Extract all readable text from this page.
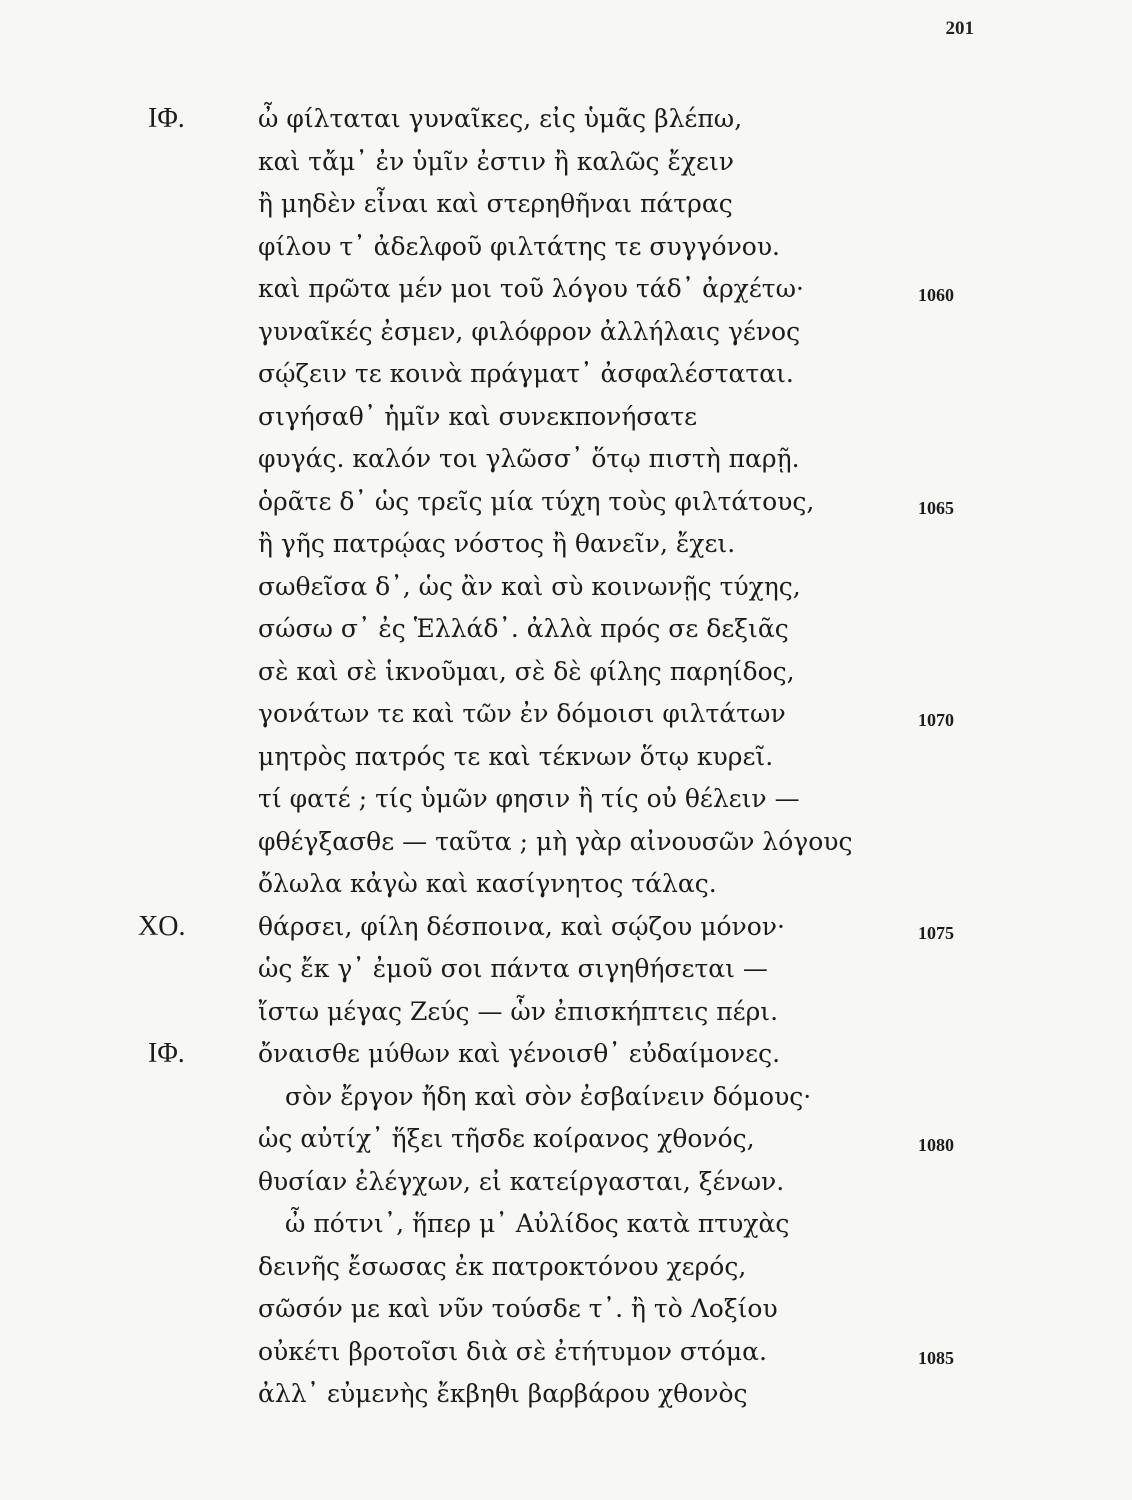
201
ΙΦ.	ὦ φίλταται γυναῖκες, εἰς ὑμᾶς βλέπω,
καὶ τἄμ᾽ ἐν ὑμῖν ἐστιν ἢ καλῶς ἔχειν
ἢ μηδὲν εἶναι καὶ στερηθῆναι πάτρας
φίλου τ᾽ ἀδελφοῦ φιλτάτης τε συγγόνου.
καὶ πρῶτα μέν μοι τοῦ λόγου τάδ᾽ ἀρχέτω·	1060
γυναῖκές ἐσμεν, φιλόφρον ἀλλήλαις γένος
σῴζειν τε κοινὰ πράγματ᾽ ἀσφαλέσταται.
σιγήσαθ᾽ ἡμῖν καὶ συνεκπονήσατε
φυγάς. καλόν τοι γλῶσσ᾽ ὅτῳ πιστὴ παρῇ.
ὁρᾶτε δ᾽ ὡς τρεῖς μία τύχη τοὺς φιλτάτους,	1065
ἢ γῆς πατρῴας νόστος ἢ θανεῖν, ἔχει.
σωθεῖσα δ᾽, ὡς ἂν καὶ σὺ κοινωνῇς τύχης,
σώσω σ᾽ ἐς Ἑλλάδ᾽. ἀλλὰ πρός σε δεξιᾶς
σὲ καὶ σὲ ἱκνοῦμαι, σὲ δὲ φίλης παρηίδος,
γονάτων τε καὶ τῶν ἐν δόμοισι φιλτάτων	1070
μητρὸς πατρός τε καὶ τέκνων ὅτῳ κυρεῖ.
τί φατέ ; τίς ὑμῶν φησιν ἢ τίς οὐ θέλειν —
φθέγξασθε — ταῦτα ; μὴ γὰρ αἰνουσῶν λόγους
ὄλωλα κἀγὼ καὶ κασίγνητος τάλας.
ΧΟ.	θάρσει, φίλη δέσποινα, καὶ σῴζου μόνον·	1075
ὡς ἔκ γ᾽ ἐμοῦ σοι πάντα σιγηθήσεται —
ἴστω μέγας Ζεύς — ὧν ἐπισκήπτεις πέρι.
ΙΦ.	ὄναισθε μύθων καὶ γένοισθ᾽ εὐδαίμονες.
σὸν ἔργον ἤδη καὶ σὸν ἐσβαίνειν δόμους·
ὡς αὐτίχ᾽ ἥξει τῆσδε κοίρανος χθονός,	1080
θυσίαν ἐλέγχων, εἰ κατείργασται, ξένων.
ὦ πότνι᾽, ἥπερ μ᾽ Αὐλίδος κατὰ πτυχὰς
δεινῆς ἔσωσας ἐκ πατροκτόνου χερός,
σῶσόν με καὶ νῦν τούσδε τ᾽. ἢ τὸ Λοξίου
οὐκέτι βροτοῖσι διὰ σὲ ἐτήτυμον στόμα.	1085
ἀλλ᾽ εὐμενὴς ἔκβηθι βαρβάρου χθονὸς
